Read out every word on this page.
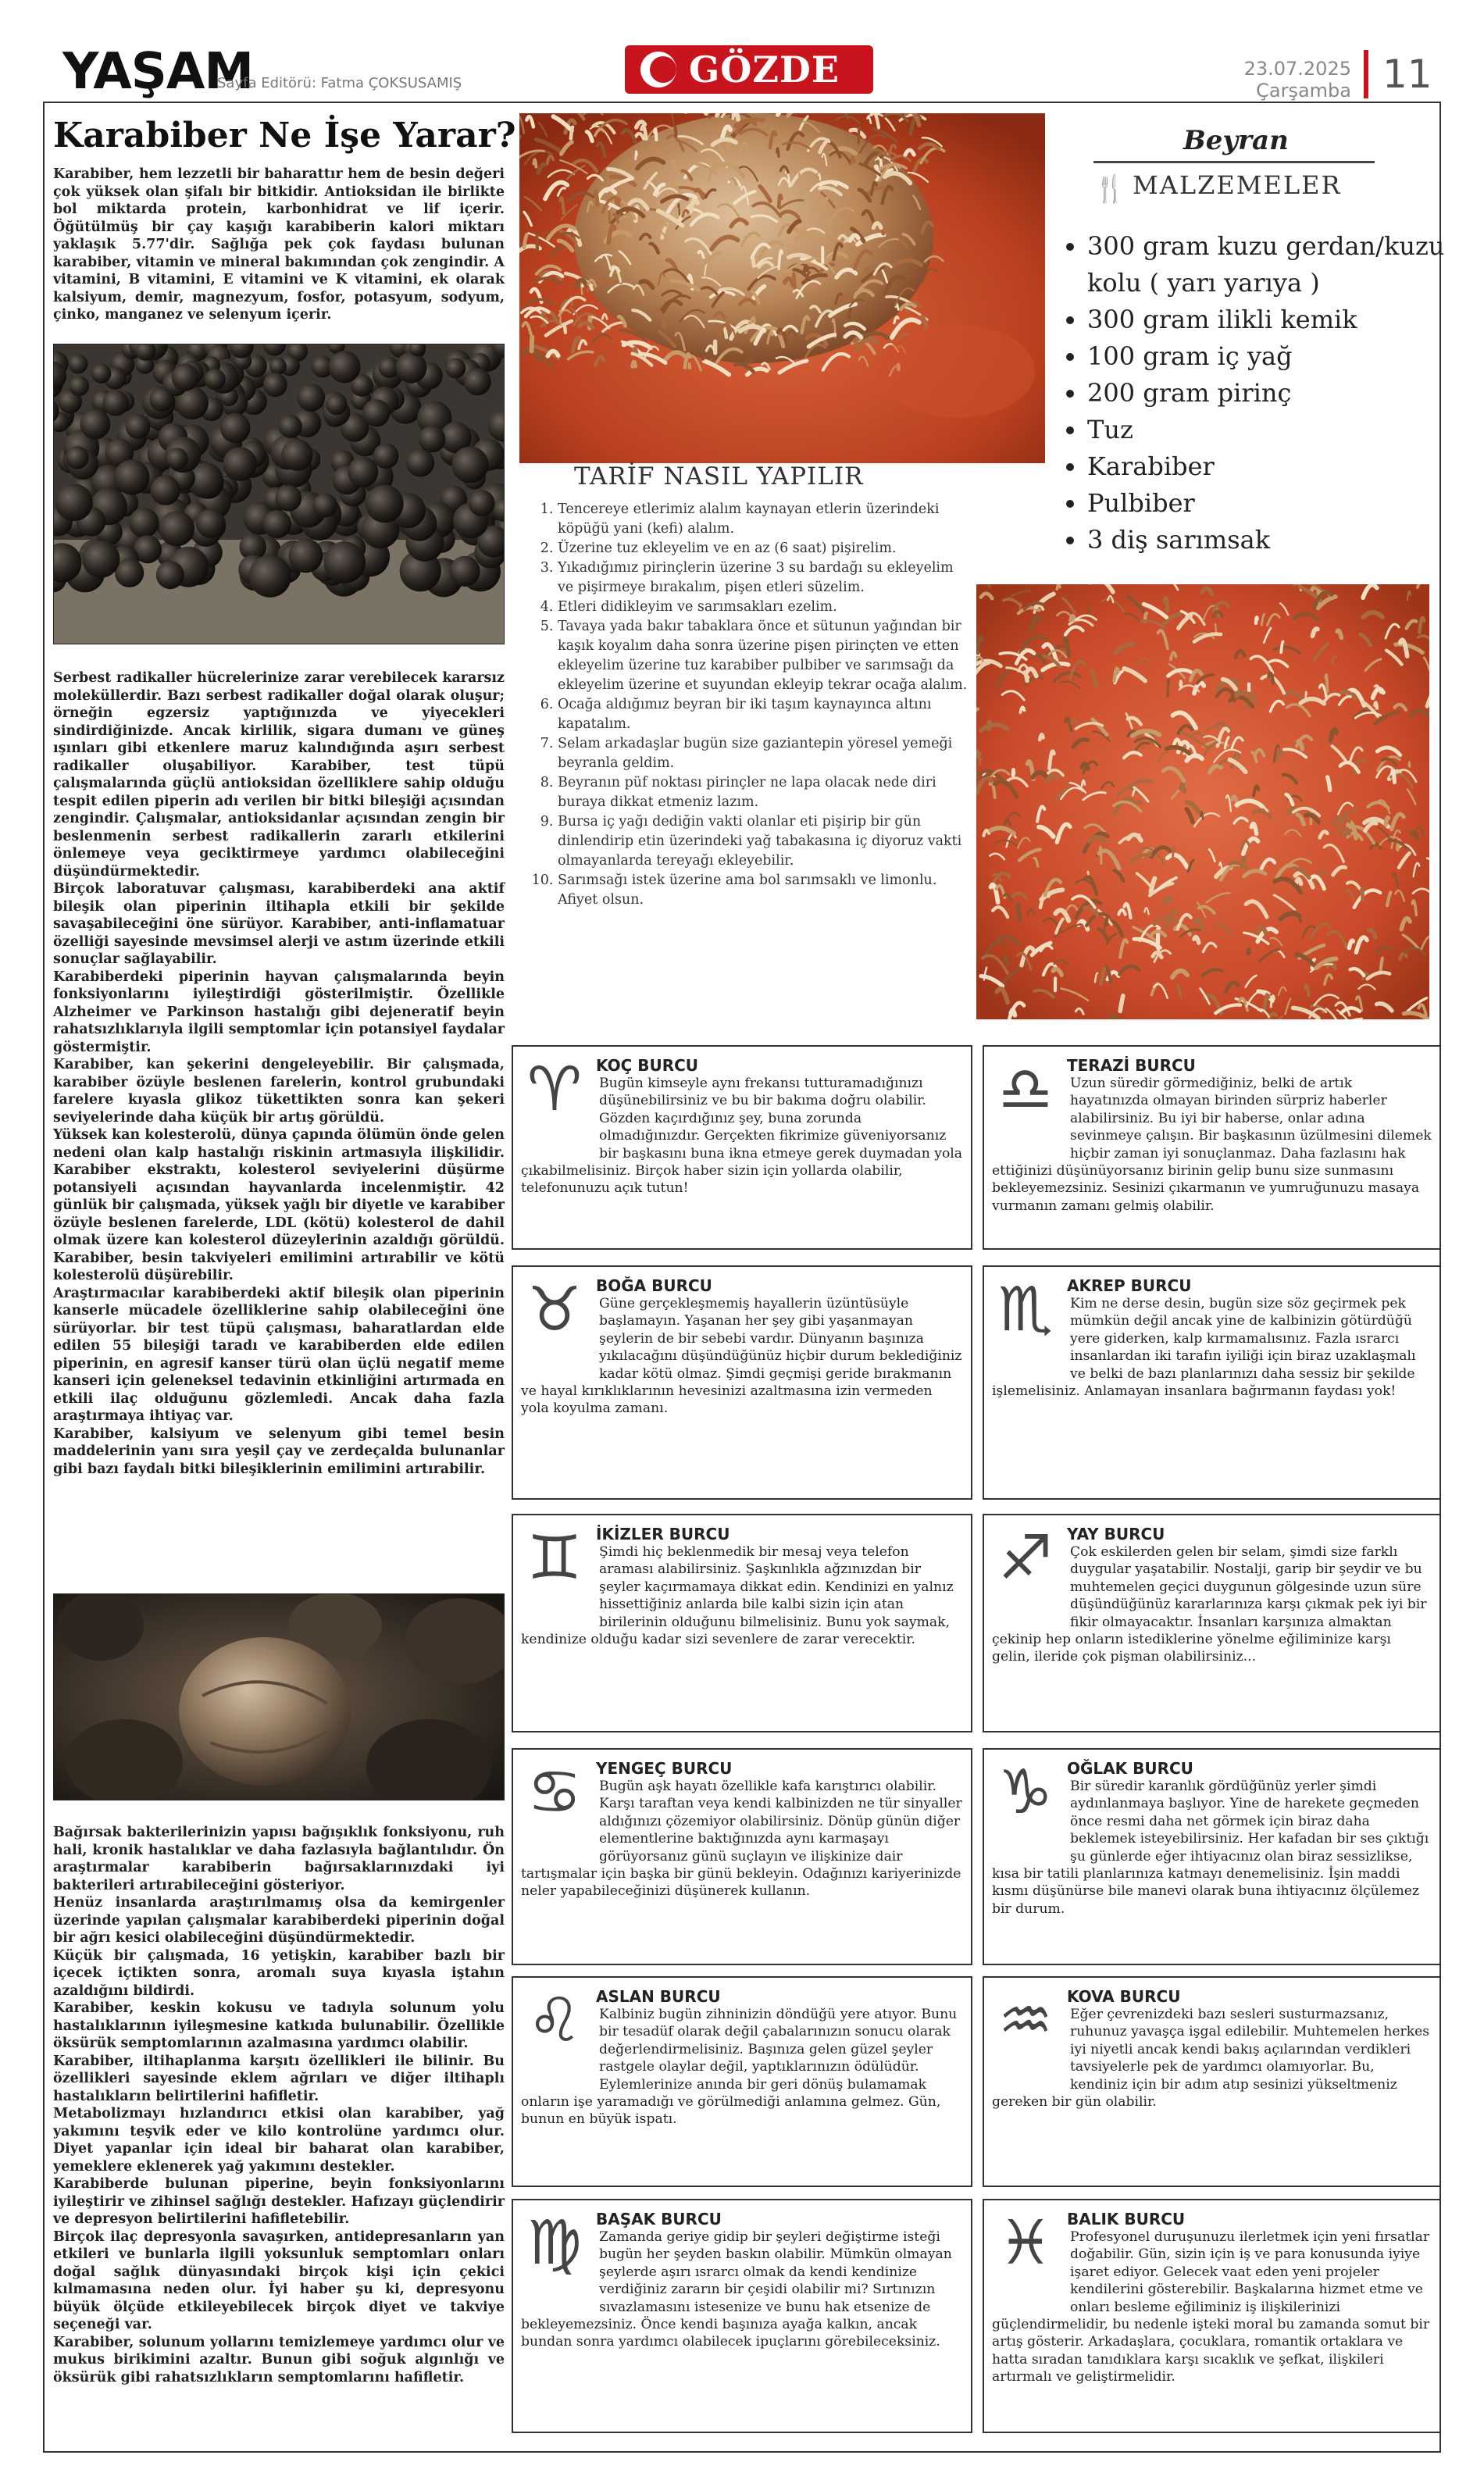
YAŞAM
Sayfa Editörü: Fatma ÇOKSUSAMIŞ	GÖZDE	23.07.2025
Çarşamba 11
Karabiber Ne İşe Yarar?

Karabiber, hem lezzetli bir baharattır hem de besin değeri çok yüksek olan şifalı bir bitkidir. Antioksidan ile birlikte bol miktarda protein, karbonhidrat ve lif içerir. Öğütülmüş bir çay kaşığı karabiberin kalori miktarı yaklaşık 5.77'dir. Sağlığa pek çok faydası bulunan karabiber, vitamin ve mineral bakımından çok zengindir. A vitamini, B vitamini, E vitamini ve K vitamini, ek olarak kalsiyum, demir, magnezyum, fosfor, potasyum, sodyum, çinko, manganez ve selenyum içerir.

Serbest radikaller hücrelerinize zarar verebilecek kararsız moleküllerdir. Bazı serbest radikaller doğal olarak oluşur; örneğin egzersiz yaptığınızda ve yiyecekleri sindirdiğinizde. Ancak kirlilik, sigara dumanı ve güneş ışınları gibi etkenlere maruz kalındığında aşırı serbest radikaller oluşabiliyor. Karabiber, test tüpü çalışmalarında güçlü antioksidan özelliklere sahip olduğu tespit edilen piperin adı verilen bir bitki bileşiği açısından zengindir. Çalışmalar, antioksidanlar açısından zengin bir beslenmenin serbest radikallerin zararlı etkilerini önlemeye veya geciktirmeye yardımcı olabileceğini düşündürmektedir.

Birçok laboratuvar çalışması, karabiberdeki ana aktif bileşik olan piperinin iltihapla etkili bir şekilde savaşabileceğini öne sürüyor. Karabiber, anti-inflamatuar özelliği sayesinde mevsimsel alerji ve astım üzerinde etkili sonuçlar sağlayabilir.

Karabiberdeki piperinin hayvan çalışmalarında beyin fonksiyonlarını iyileştirdiği gösterilmiştir. Özellikle Alzheimer ve Parkinson hastalığı gibi dejeneratif beyin rahatsızlıklarıyla ilgili semptomlar için potansiyel faydalar göstermiştir.

Karabiber, kan şekerini dengeleyebilir. Bir çalışmada, karabiber özüyle beslenen farelerin, kontrol grubundaki farelere kıyasla glikoz tükettikten sonra kan şekeri seviyelerinde daha küçük bir artış görüldü.

Yüksek kan kolesterolü, dünya çapında ölümün önde gelen nedeni olan kalp hastalığı riskinin artmasıyla ilişkilidir. Karabiber ekstraktı, kolesterol seviyelerini düşürme potansiyeli açısından hayvanlarda incelenmiştir. 42 günlük bir çalışmada, yüksek yağlı bir diyetle ve karabiber özüyle beslenen farelerde, LDL (kötü) kolesterol de dahil olmak üzere kan kolesterol düzeylerinin azaldığı görüldü. Karabiber, besin takviyeleri emilimini artırabilir ve kötü kolesterolü düşürebilir.

Araştırmacılar karabiberdeki aktif bileşik olan piperinin kanserle mücadele özelliklerine sahip olabileceğini öne sürüyorlar. bir test tüpü çalışması, baharatlardan elde edilen 55 bileşiği taradı ve karabiberden elde edilen piperinin, en agresif kanser türü olan üçlü negatif meme kanseri için geleneksel tedavinin etkinliğini artırmada en etkili ilaç olduğunu gözlemledi. Ancak daha fazla araştırmaya ihtiyaç var.

Karabiber, kalsiyum ve selenyum gibi temel besin maddelerinin yanı sıra yeşil çay ve zerdeçalda bulunanlar gibi bazı faydalı bitki bileşiklerinin emilimini artırabilir.

Bağırsak bakterilerinizin yapısı bağışıklık fonksiyonu, ruh hali, kronik hastalıklar ve daha fazlasıyla bağlantılıdır. Ön araştırmalar karabiberin bağırsaklarınızdaki iyi bakterileri artırabileceğini gösteriyor.

Henüz insanlarda araştırılmamış olsa da kemirgenler üzerinde yapılan çalışmalar karabiberdeki piperinin doğal bir ağrı kesici olabileceğini düşündürmektedir.

Küçük bir çalışmada, 16 yetişkin, karabiber bazlı bir içecek içtikten sonra, aromalı suya kıyasla iştahın azaldığını bildirdi.

Karabiber, keskin kokusu ve tadıyla solunum yolu hastalıklarının iyileşmesine katkıda bulunabilir. Özellikle öksürük semptomlarının azalmasına yardımcı olabilir.

Karabiber, iltihaplanma karşıtı özellikleri ile bilinir. Bu özellikleri sayesinde eklem ağrıları ve diğer iltihaplı hastalıkların belirtilerini hafifletir.

Metabolizmayı hızlandırıcı etkisi olan karabiber, yağ yakımını teşvik eder ve kilo kontrolüne yardımcı olur. Diyet yapanlar için ideal bir baharat olan karabiber, yemeklere eklenerek yağ yakımını destekler.

Karabiberde bulunan piperine, beyin fonksiyonlarını iyileştirir ve zihinsel sağlığı destekler. Hafızayı güçlendirir ve depresyon belirtilerini hafifletebilir.

Birçok ilaç depresyonla savaşırken, antidepresanların yan etkileri ve bunlarla ilgili yoksunluk semptomları onları doğal sağlık dünyasındaki birçok kişi için çekici kılmamasına neden olur. İyi haber şu ki, depresyonu büyük ölçüde etkileyebilecek birçok diyet ve takviye seçeneği var.

Karabiber, solunum yollarını temizlemeye yardımcı olur ve mukus birikimini azaltır. Bunun gibi soğuk algınlığı ve öksürük gibi rahatsızlıkların semptomlarını hafifletir.

TARİF NASIL YAPILIR
1. Tencereye etlerimiz alalım kaynayan etlerin üzerindeki köpüğü yani (kefi) alalım.
2. Üzerine tuz ekleyelim ve en az (6 saat) pişirelim.
3. Yıkadığımız pirinçlerin üzerine 3 su bardağı su ekleyelim ve pişirmeye bırakalım, pişen etleri süzelim.
4. Etleri didikleyim ve sarımsakları ezelim.
5. Tavaya yada bakır tabaklara önce et sütunun yağından bir kaşık koyalım daha sonra üzerine pişen pirinçten ve etten ekleyelim üzerine tuz karabiber pulbiber ve sarımsağı da ekleyelim üzerine et suyundan ekleyip tekrar ocağa alalım.
6. Ocağa aldığımız beyran bir iki taşım kaynayınca altını kapatalım.
7. Selam arkadaşlar bugün size gaziantepin yöresel yemeği beyranla geldim.
8. Beyranın püf noktası pirinçler ne lapa olacak nede diri buraya dikkat etmeniz lazım.
9. Bursa iç yağı dediğin vakti olanlar eti pişirip bir gün dinlendirip etin üzerindeki yağ tabakasına iç diyoruz vakti olmayanlarda tereyağı ekleyebilir.
10. Sarımsağı istek üzerine ama bol sarımsaklı ve limonlu. Afiyet olsun.
Beyran
🍴 MALZEMELER
• 300 gram kuzu gerdan/kuzu kolu ( yarı yarıya )
• 300 gram ilikli kemik
• 100 gram iç yağ
• 200 gram pirinç
• Tuz
• Karabiber
• Pulbiber
• 3 diş sarımsak
♈ KOÇ BURCU
Bugün kimseyle aynı frekansı tutturamadığınızı düşünebilirsiniz ve bu bir bakıma doğru olabilir. Gözden kaçırdığınız şey, buna zorunda olmadığınızdır. Gerçekten fikrimize güveniyorsanız bir başkasını buna ikna etmeye gerek duymadan yola çıkabilmelisiniz. Birçok haber sizin için yollarda olabilir, telefonunuzu açık tutun!
♎ TERAZİ BURCU
Uzun süredir görmediğiniz, belki de artık hayatınızda olmayan birinden sürpriz haberler alabilirsiniz. Bu iyi bir haberse, onlar adına sevinmeye çalışın. Bir başkasının üzülmesini dilemek hiçbir zaman iyi sonuçlanmaz. Daha fazlasını hak ettiğinizi düşünüyorsanız birinin gelip bunu size sunmasını bekleyemezsiniz. Sesinizi çıkarmanın ve yumruğunuzu masaya vurmanın zamanı gelmiş olabilir.
♉ BOĞA BURCU
Güne gerçekleşmemiş hayallerin üzüntüsüyle başlamayın. Yaşanan her şey gibi yaşanmayan şeylerin de bir sebebi vardır. Dünyanın başınıza yıkılacağını düşündüğünüz hiçbir durum beklediğiniz kadar kötü olmaz. Şimdi geçmişi geride bırakmanın ve hayal kırıklıklarının hevesinizi azaltmasına izin vermeden yola koyulma zamanı.
♏ AKREP BURCU
Kim ne derse desin, bugün size söz geçirmek pek mümkün değil ancak yine de kalbinizin götürdüğü yere giderken, kalp kırmamalısınız. Fazla ısrarcı insanlardan iki tarafın iyiliği için biraz uzaklaşmalı ve belki de bazı planlarınızı daha sessiz bir şekilde işlemelisiniz. Anlamayan insanlara bağırmanın faydası yok!
♊ İKİZLER BURCU
Şimdi hiç beklenmedik bir mesaj veya telefon araması alabilirsiniz. Şaşkınlıkla ağzınızdan bir şeyler kaçırmamaya dikkat edin. Kendinizi en yalnız hissettiğiniz anlarda bile kalbi sizin için atan birilerinin olduğunu bilmelisiniz. Bunu yok saymak, kendinize olduğu kadar sizi sevenlere de zarar verecektir.
♐ YAY BURCU
Çok eskilerden gelen bir selam, şimdi size farklı duygular yaşatabilir. Nostalji, garip bir şeydir ve bu muhtemelen geçici duygunun gölgesinde uzun süre düşündüğünüz kararlarınıza karşı çıkmak pek iyi bir fikir olmayacaktır. İnsanları karşınıza almaktan çekinip hep onların istediklerine yönelme eğiliminize karşı gelin, ileride çok pişman olabilirsiniz...
♋ YENGEÇ BURCU
Bugün aşk hayatı özellikle kafa karıştırıcı olabilir. Karşı taraftan veya kendi kalbinizden ne tür sinyaller aldığınızı çözemiyor olabilirsiniz. Dönüp günün diğer elementlerine baktığınızda aynı karmaşayı görüyorsanız günü suçlayın ve ilişkinize dair tartışmalar için başka bir günü bekleyin. Odağınızı kariyerinizde neler yapabileceğinizi düşünerek kullanın.
♑ OĞLAK BURCU
Bir süredir karanlık gördüğünüz yerler şimdi aydınlanmaya başlıyor. Yine de harekete geçmeden önce resmi daha net görmek için biraz daha beklemek isteyebilirsiniz. Her kafadan bir ses çıktığı şu günlerde eğer ihtiyacınız olan biraz sessizlikse, kısa bir tatili planlarınıza katmayı denemelisiniz. İşin maddi kısmı düşünürse bile manevi olarak buna ihtiyacınız ölçülemez bir durum.
♌ ASLAN BURCU
Kalbiniz bugün zihninizin döndüğü yere atıyor. Bunu bir tesadüf olarak değil çabalarınızın sonucu olarak değerlendirmelisiniz. Başınıza gelen güzel şeyler rastgele olaylar değil, yaptıklarınızın ödülüdür. Eylemlerinize anında bir geri dönüş bulamamak onların işe yaramadığı ve görülmediği anlamına gelmez. Gün, bunun en büyük ispatı.
♒ KOVA BURCU
Eğer çevrenizdeki bazı sesleri susturmazsanız, ruhunuz yavaşça işgal edilebilir. Muhtemelen herkes iyi niyetli ancak kendi bakış açılarından verdikleri tavsiyelerle pek de yardımcı olamıyorlar. Bu, kendiniz için bir adım atıp sesinizi yükseltmeniz gereken bir gün olabilir.
♍ BAŞAK BURCU
Zamanda geriye gidip bir şeyleri değiştirme isteği bugün her şeyden baskın olabilir. Mümkün olmayan şeylerde aşırı ısrarcı olmak da kendi kendinize verdiğiniz zararın bir çeşidi olabilir mi? Sırtınızın sıvazlamasını istesenize ve bunu hak etsenize de bekleyemezsiniz. Önce kendi başınıza ayağa kalkın, ancak bundan sonra yardımcı olabilecek ipuçlarını görebileceksiniz.
♓ BALIK BURCU
Profesyonel duruşunuzu ilerletmek için yeni fırsatlar doğabilir. Gün, sizin için iş ve para konusunda iyiye işaret ediyor. Gelecek vaat eden yeni projeler kendilerini gösterebilir. Başkalarına hizmet etme ve onları besleme eğiliminiz iş ilişkilerinizi güçlendirmelidir, bu nedenle işteki moral bu zamanda somut bir artış gösterir. Arkadaşlara, çocuklara, romantik ortaklara ve hatta sıradan tanıdıklara karşı sıcaklık ve şefkat, ilişkileri artırmalı ve geliştirmelidir.
